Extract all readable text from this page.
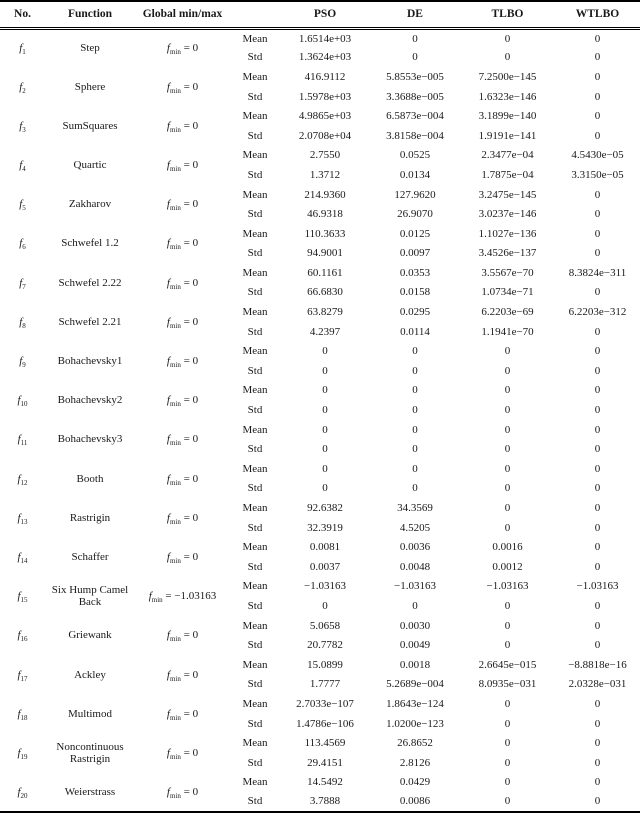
No.	Function	Global min/max		PSO	DE	TLBO	WTLBO
$f_1$	Step	$f_{min} = 0$	Mean	1.6514e+03	0	0	0
			Std	1.3624e+03	0	0	0
$f_2$	Sphere	$f_{min} = 0$	Mean	416.9112	5.8553e−005	7.2500e−145	0
			Std	1.5978e+03	3.3688e−005	1.6323e−146	0
$f_3$	SumSquares	$f_{min} = 0$	Mean	4.9865e+03	6.5873e−004	3.1899e−140	0
			Std	2.0708e+04	3.8158e−004	1.9191e−141	0
$f_4$	Quartic	$f_{min} = 0$	Mean	2.7550	0.0525	2.3477e−04	4.5430e−05
			Std	1.3712	0.0134	1.7875e−04	3.3150e−05
$f_5$	Zakharov	$f_{min} = 0$	Mean	214.9360	127.9620	3.2475e−145	0
			Std	46.9318	26.9070	3.0237e−146	0
$f_6$	Schwefel 1.2	$f_{min} = 0$	Mean	110.3633	0.0125	1.1027e−136	0
			Std	94.9001	0.0097	3.4526e−137	0
$f_7$	Schwefel 2.22	$f_{min} = 0$	Mean	60.1161	0.0353	3.5567e−70	8.3824e−311
			Std	66.6830	0.0158	1.0734e−71	0
$f_8$	Schwefel 2.21	$f_{min} = 0$	Mean	63.8279	0.0295	6.2203e−69	6.2203e−312
			Std	4.2397	0.0114	1.1941e−70	0
$f_9$	Bohachevsky1	$f_{min} = 0$	Mean	0	0	0	0
			Std	0	0	0	0
$f_{10}$	Bohachevsky2	$f_{min} = 0$	Mean	0	0	0	0
			Std	0	0	0	0
$f_{11}$	Bohachevsky3	$f_{min} = 0$	Mean	0	0	0	0
			Std	0	0	0	0
$f_{12}$	Booth	$f_{min} = 0$	Mean	0	0	0	0
			Std	0	0	0	0
$f_{13}$	Rastrigin	$f_{min} = 0$	Mean	92.6382	34.3569	0	0
			Std	32.3919	4.5205	0	0
$f_{14}$	Schaffer	$f_{min} = 0$	Mean	0.0081	0.0036	0.0016	0
			Std	0.0037	0.0048	0.0012	0
$f_{15}$	Six Hump Camel Back	$f_{min} = -1.03163$	Mean	−1.03163	−1.03163	−1.03163	−1.03163
			Std	0	0	0	0
$f_{16}$	Griewank	$f_{min} = 0$	Mean	5.0658	0.0030	0	0
			Std	20.7782	0.0049	0	0
$f_{17}$	Ackley	$f_{min} = 0$	Mean	15.0899	0.0018	2.6645e−015	−8.8818e−16
			Std	1.7777	5.2689e−004	8.0935e−031	2.0328e−031
$f_{18}$	Multimod	$f_{min} = 0$	Mean	2.7033e−107	1.8643e−124	0	0
			Std	1.4786e−106	1.0200e−123	0	0
$f_{19}$	Noncontinuous Rastrigin	$f_{min} = 0$	Mean	113.4569	26.8652	0	0
			Std	29.4151	2.8126	0	0
$f_{20}$	Weierstrass	$f_{min} = 0$	Mean	14.5492	0.0429	0	0
			Std	3.7888	0.0086	0	0
